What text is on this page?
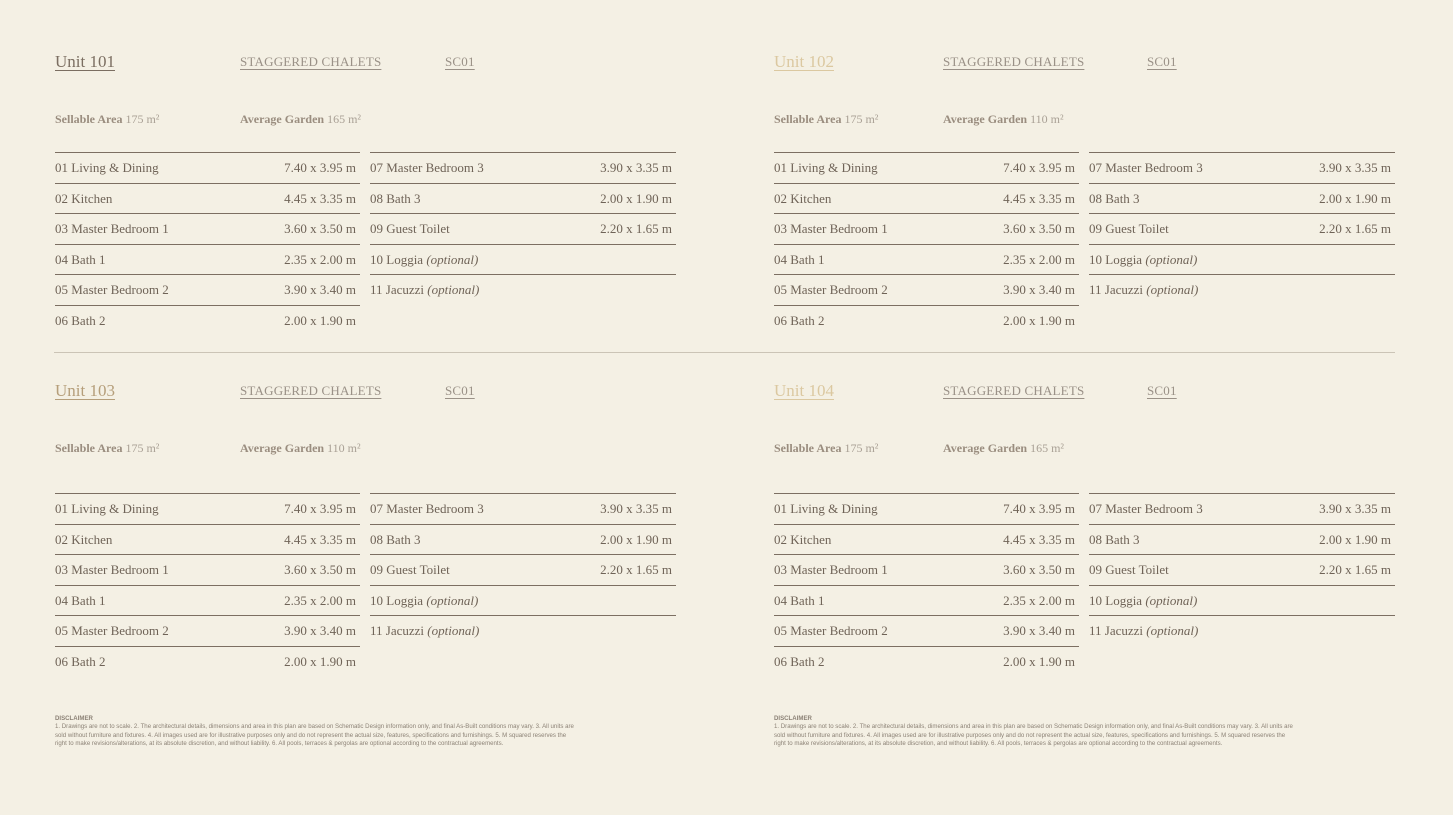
Unit 101	STAGGERED CHALETS	SC01
Sellable Area 175 m²	Average Garden 165 m²
01 Living & Dining	7.40 x 3.95 m
02 Kitchen	4.45 x 3.35 m
03 Master Bedroom 1	3.60 x 3.50 m
04 Bath 1	2.35 x 2.00 m
05 Master Bedroom 2	3.90 x 3.40 m
06 Bath 2	2.00 x 1.90 m
07 Master Bedroom 3	3.90 x 3.35 m
08 Bath 3	2.00 x 1.90 m
09 Guest Toilet	2.20 x 1.65 m
10 Loggia (optional)
11 Jacuzzi (optional)
Unit 102	STAGGERED CHALETS	SC01
Sellable Area 175 m²	Average Garden 110 m²
01 Living & Dining	7.40 x 3.95 m
02 Kitchen	4.45 x 3.35 m
03 Master Bedroom 1	3.60 x 3.50 m
04 Bath 1	2.35 x 2.00 m
05 Master Bedroom 2	3.90 x 3.40 m
06 Bath 2	2.00 x 1.90 m
07 Master Bedroom 3	3.90 x 3.35 m
08 Bath 3	2.00 x 1.90 m
09 Guest Toilet	2.20 x 1.65 m
10 Loggia (optional)
11 Jacuzzi (optional)
Unit 103	STAGGERED CHALETS	SC01
Sellable Area 175 m²	Average Garden 110 m²
01 Living & Dining	7.40 x 3.95 m
02 Kitchen	4.45 x 3.35 m
03 Master Bedroom 1	3.60 x 3.50 m
04 Bath 1	2.35 x 2.00 m
05 Master Bedroom 2	3.90 x 3.40 m
06 Bath 2	2.00 x 1.90 m
07 Master Bedroom 3	3.90 x 3.35 m
08 Bath 3	2.00 x 1.90 m
09 Guest Toilet	2.20 x 1.65 m
10 Loggia (optional)
11 Jacuzzi (optional)
Unit 104	STAGGERED CHALETS	SC01
Sellable Area 175 m²	Average Garden 165 m²
01 Living & Dining	7.40 x 3.95 m
02 Kitchen	4.45 x 3.35 m
03 Master Bedroom 1	3.60 x 3.50 m
04 Bath 1	2.35 x 2.00 m
05 Master Bedroom 2	3.90 x 3.40 m
06 Bath 2	2.00 x 1.90 m
07 Master Bedroom 3	3.90 x 3.35 m
08 Bath 3	2.00 x 1.90 m
09 Guest Toilet	2.20 x 1.65 m
10 Loggia (optional)
11 Jacuzzi (optional)
DISCLAIMER
1. Drawings are not to scale. 2. The architectural details, dimensions and area in this plan are based on Schematic Design information only, and final As-Built conditions may vary. 3. All units are sold without furniture and fixtures. 4. All images used are for illustrative purposes only and do not represent the actual size, features, specifications and furnishings. 5. M squared reserves the right to make revisions/alterations, at its absolute discretion, and without liability. 6. All pools, terraces & pergolas are optional according to the contractual agreements.
DISCLAIMER
1. Drawings are not to scale. 2. The architectural details, dimensions and area in this plan are based on Schematic Design information only, and final As-Built conditions may vary. 3. All units are sold without furniture and fixtures. 4. All images used are for illustrative purposes only and do not represent the actual size, features, specifications and furnishings. 5. M squared reserves the right to make revisions/alterations, at its absolute discretion, and without liability. 6. All pools, terraces & pergolas are optional according to the contractual agreements.
